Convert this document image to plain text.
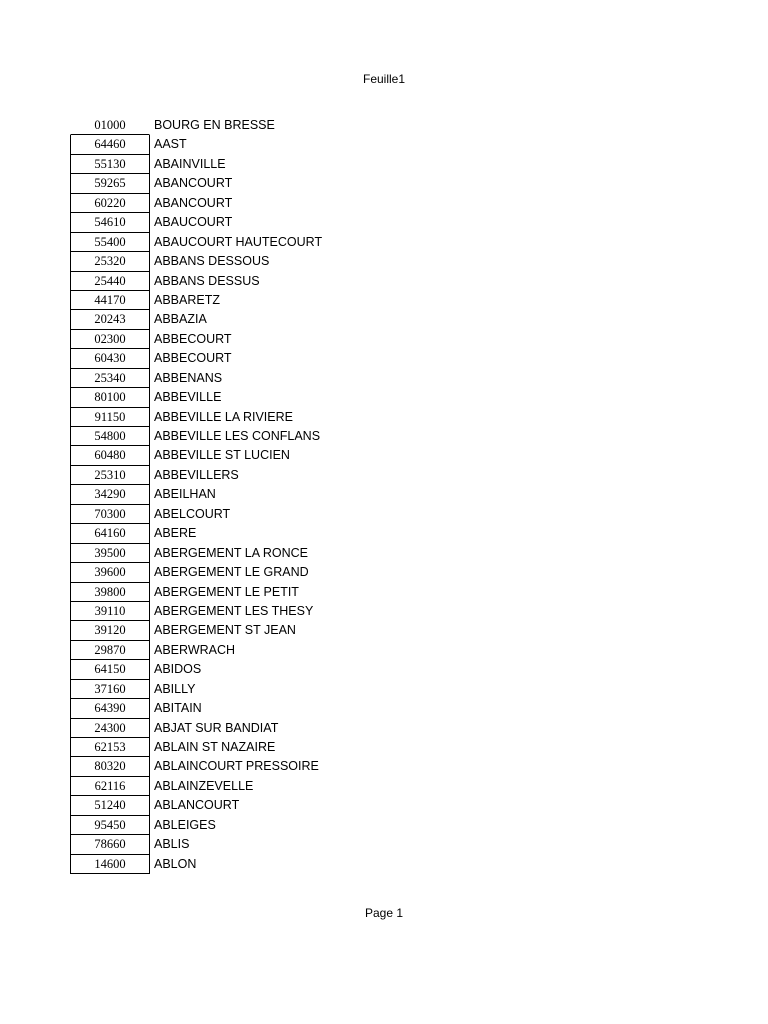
Feuille1
01000	BOURG EN BRESSE
64460	AAST
55130	ABAINVILLE
59265	ABANCOURT
60220	ABANCOURT
54610	ABAUCOURT
55400	ABAUCOURT HAUTECOURT
25320	ABBANS DESSOUS
25440	ABBANS DESSUS
44170	ABBARETZ
20243	ABBAZIA
02300	ABBECOURT
60430	ABBECOURT
25340	ABBENANS
80100	ABBEVILLE
91150	ABBEVILLE LA RIVIERE
54800	ABBEVILLE LES CONFLANS
60480	ABBEVILLE ST LUCIEN
25310	ABBEVILLERS
34290	ABEILHAN
70300	ABELCOURT
64160	ABERE
39500	ABERGEMENT LA RONCE
39600	ABERGEMENT LE GRAND
39800	ABERGEMENT LE PETIT
39110	ABERGEMENT LES THESY
39120	ABERGEMENT ST JEAN
29870	ABERWRACH
64150	ABIDOS
37160	ABILLY
64390	ABITAIN
24300	ABJAT SUR BANDIAT
62153	ABLAIN ST NAZAIRE
80320	ABLAINCOURT PRESSOIRE
62116	ABLAINZEVELLE
51240	ABLANCOURT
95450	ABLEIGES
78660	ABLIS
14600	ABLON
Page 1
